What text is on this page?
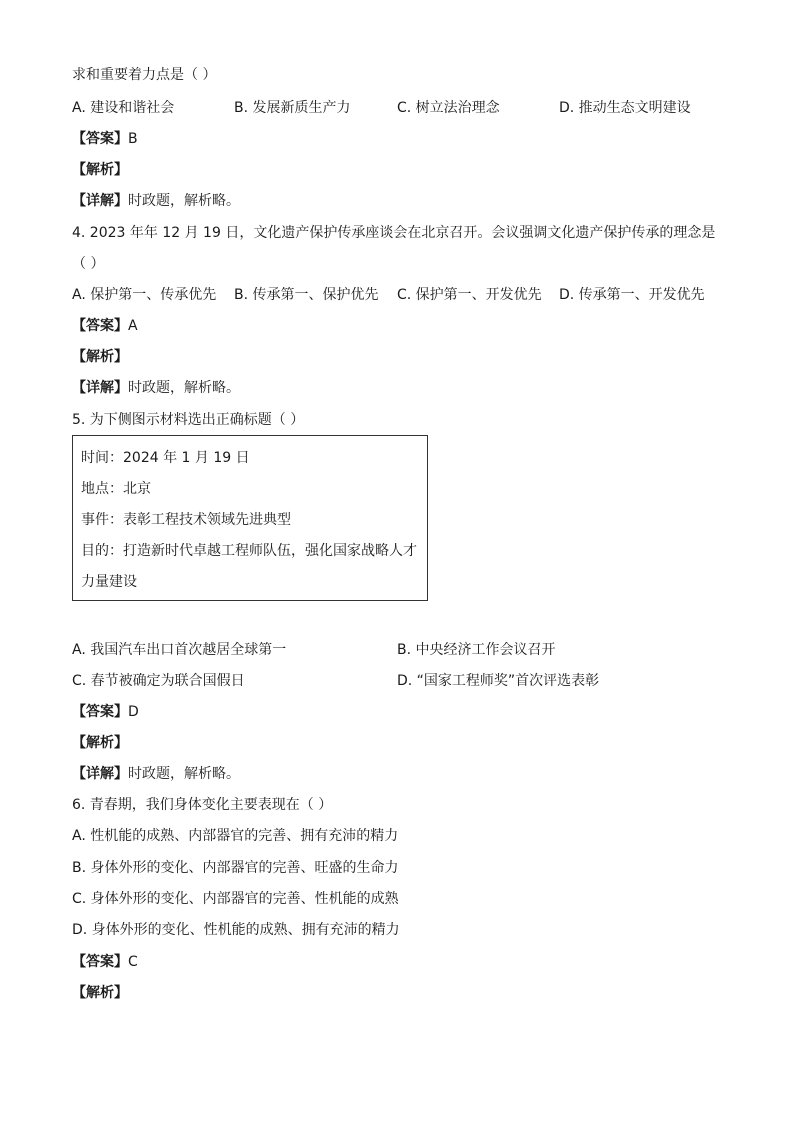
求和重要着力点是（ ）
A. 建设和谐社会	B. 发展新质生产力	C. 树立法治理念	D. 推动生态文明建设
【答案】B
【解析】
【详解】时政题，解析略。
4. 2023 年年 12 月 19 日，文化遗产保护传承座谈会在北京召开。会议强调文化遗产保护传承的理念是
（ ）
A. 保护第一、传承优先 B. 传承第一、保护优先 C. 保护第一、开发优先 D. 传承第一、开发优先
【答案】A
【解析】
【详解】时政题，解析略。
5. 为下侧图示材料选出正确标题（ ）
时间：2024 年 1 月 19 日
地点：北京
事件：表彰工程技术领域先进典型
目的：打造新时代卓越工程师队伍，强化国家战略人才
力量建设
A. 我国汽车出口首次越居全球第一	B. 中央经济工作会议召开
C. 春节被确定为联合国假日	D. “国家工程师奖”首次评选表彰
【答案】D
【解析】
【详解】时政题，解析略。
6. 青春期，我们身体变化主要表现在（ ）
A. 性机能的成熟、内部器官的完善、拥有充沛的精力
B. 身体外形的变化、内部器官的完善、旺盛的生命力
C. 身体外形的变化、内部器官的完善、性机能的成熟
D. 身体外形的变化、性机能的成熟、拥有充沛的精力
【答案】C
【解析】
